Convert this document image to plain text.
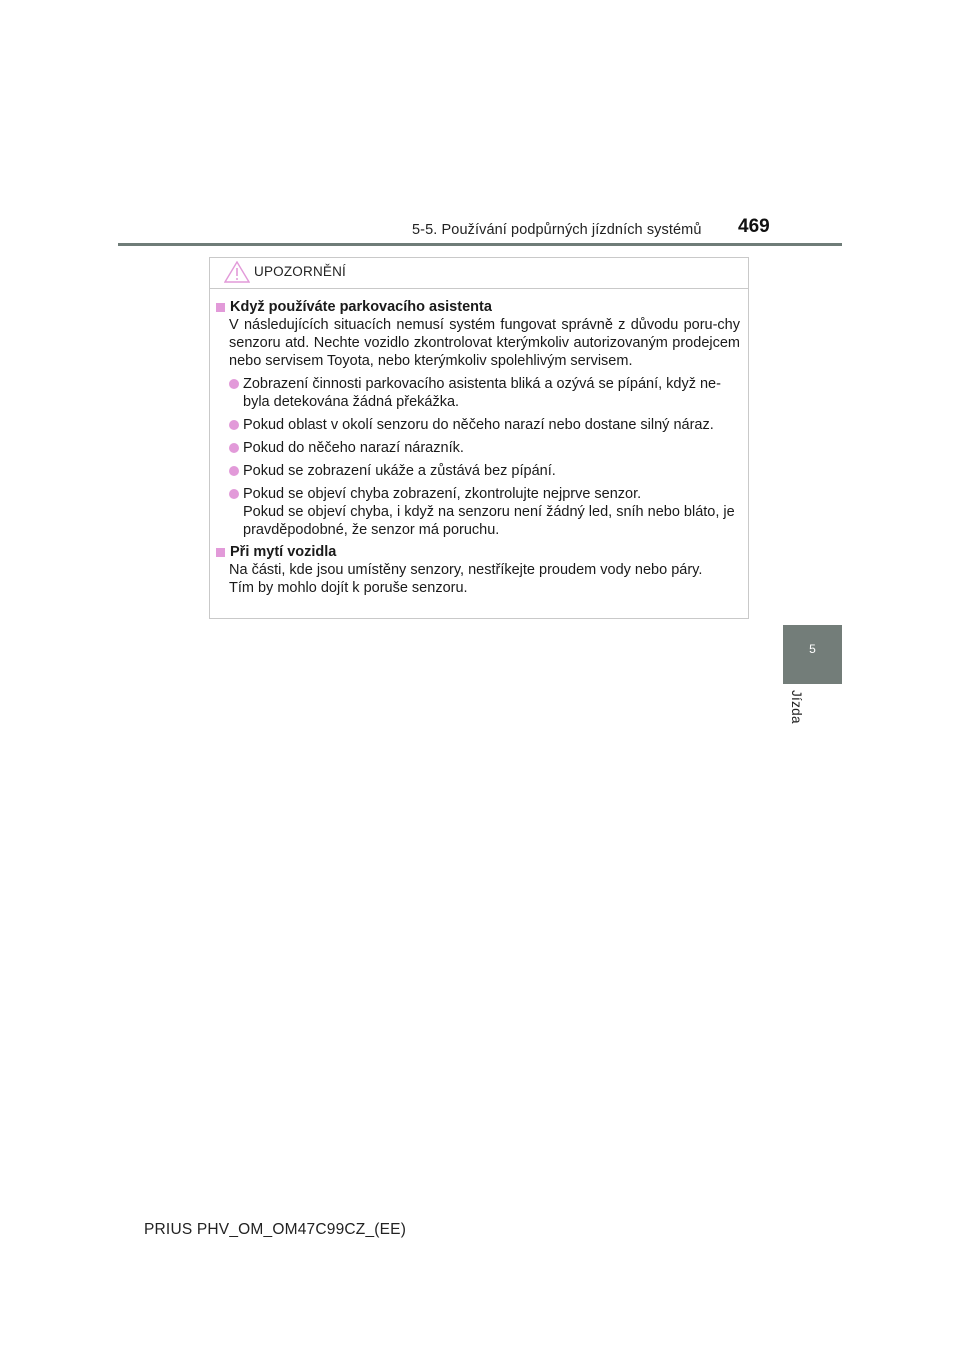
5-5. Používání podpůrných jízdních systémů 469
5
Jízda
UPOZORNĚNÍ
Když používáte parkovacího asistenta
V následujících situacích nemusí systém fungovat správně z důvodu poru-chy senzoru atd. Nechte vozidlo zkontrolovat kterýmkoliv autorizovaným prodejcem nebo servisem Toyota, nebo kterýmkoliv spolehlivým servisem.
Zobrazení činnosti parkovacího asistenta bliká a ozývá se pípání, když ne-byla detekována žádná překážka.
Pokud oblast v okolí senzoru do něčeho narazí nebo dostane silný náraz.
Pokud do něčeho narazí nárazník.
Pokud se zobrazení ukáže a zůstává bez pípání.
Pokud se objeví chyba zobrazení, zkontrolujte nejprve senzor.
Pokud se objeví chyba, i když na senzoru není žádný led, sníh nebo bláto, je pravděpodobné, že senzor má poruchu.
Při mytí vozidla
Na části, kde jsou umístěny senzory, nestříkejte proudem vody nebo páry.
Tím by mohlo dojít k poruše senzoru.
PRIUS PHV_OM_OM47C99CZ_(EE)
